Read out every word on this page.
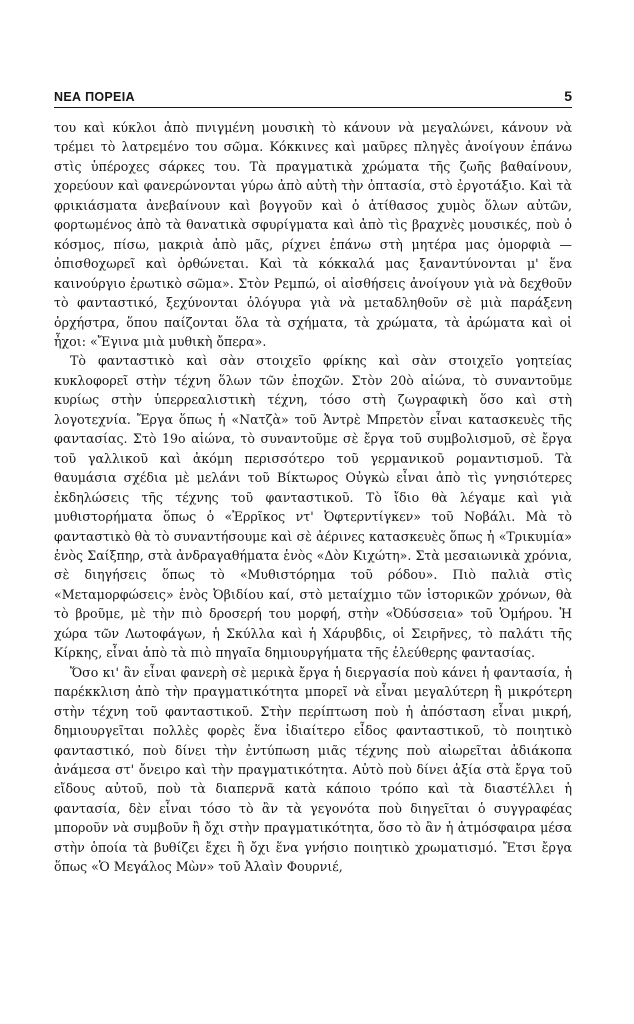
ΝΕΑ ΠΟΡΕΙΑ	5

του καὶ κύκλοι ἀπὸ πνιγμένη μουσικὴ τὸ κάνουν νὰ μεγαλώνει, κάνουν νὰ τρέμει τὸ λατρεμένο του σῶμα. Κόκκινες καὶ μαῦρες πληγὲς ἀνοίγουν ἐπάνω στὶς ὑπέροχες σάρκες του. Τὰ πραγματικὰ χρώματα τῆς ζωῆς βαθαίνουν, χορεύουν καὶ φανερώνονται γύρω ἀπὸ αὐτὴ τὴν ὀπτασία, στὸ ἐργοτάξιο. Καὶ τὰ φρικιάσματα ἀνεβαίνουν καὶ βογγοῦν καὶ ὁ ἀτίθασος χυμὸς ὅλων αὐτῶν, φορτωμένος ἀπὸ τὰ θανατικὰ σφυρίγματα καὶ ἀπὸ τὶς βραχνὲς μουσικές, ποὺ ὁ κόσμος, πίσω, μακριὰ ἀπὸ μᾶς, ρίχνει ἐπάνω στὴ μητέρα μας ὁμορφιὰ — ὀπισθοχωρεῖ καὶ ὀρθώνεται. Καὶ τὰ κόκκαλά μας ξαναντύνονται μ' ἕνα καινούργιο ἐρωτικὸ σῶμα». Στὸν Ρεμπώ, οἱ αἰσθήσεις ἀνοίγουν γιὰ νὰ δεχθοῦν τὸ φανταστικό, ξεχύνονται ὁλόγυρα γιὰ νὰ μεταδληθοῦν σὲ μιὰ παράξενη ὀρχήστρα, ὅπου παίζονται ὅλα τὰ σχήματα, τὰ χρώματα, τὰ ἀρώματα καὶ οἱ ἦχοι: «Ἔγινα μιὰ μυθικὴ ὄπερα».

Τὸ φανταστικὸ καὶ σὰν στοιχεῖο φρίκης καὶ σὰν στοιχεῖο γοητείας κυκλοφορεῖ στὴν τέχνη ὅλων τῶν ἐποχῶν. Στὸν 20ὸ αἰώνα, τὸ συναντοῦμε κυρίως στὴν ὑπερρεαλιστικὴ τέχνη, τόσο στὴ ζωγραφικὴ ὅσο καὶ στὴ λογοτεχνία. Ἔργα ὅπως ἡ «Νατζὰ» τοῦ Ἀντρὲ Μπρετὸν εἶναι κατασκευὲς τῆς φαντασίας. Στὸ 19ο αἰώνα, τὸ συναντοῦμε σὲ ἔργα τοῦ συμβολισμοῦ, σὲ ἔργα τοῦ γαλλικοῦ καὶ ἀκόμη περισσότερο τοῦ γερμανικοῦ ρομαντισμοῦ. Τὰ θαυμάσια σχέδια μὲ μελάνι τοῦ Βίκτωρος Οὐγκὼ εἶναι ἀπὸ τὶς γνησιότερες ἐκδηλώσεις τῆς τέχνης τοῦ φανταστικοῦ. Τὸ ἴδιο θὰ λέγαμε καὶ γιὰ μυθιστορήματα ὅπως ὁ «Ἐρρῖκος ντ' Ὀφτερντίγκεν» τοῦ Νοβάλι. Μὰ τὸ φανταστικὸ θὰ τὸ συναντήσουμε καὶ σὲ ἀέρινες κατασκευὲς ὅπως ἡ «Τρικυμία» ἑνὸς Σαίξπηρ, στὰ ἀνδραγαθήματα ἑνὸς «Δὸν Κιχώτη». Στὰ μεσαιωνικὰ χρόνια, σὲ διηγήσεις ὅπως τὸ «Μυθιστόρημα τοῦ ρόδου». Πιὸ παλιὰ στὶς «Μεταμορφώσεις» ἑνὸς Ὀβιδίου καί, στὸ μεταίχμιο τῶν ἱστορικῶν χρόνων, θὰ τὸ βροῦμε, μὲ τὴν πιὸ δροσερή του μορφή, στὴν «Ὀδύσσεια» τοῦ Ὁμήρου. Ἡ χώρα τῶν Λωτοφάγων, ἡ Σκύλλα καὶ ἡ Χάρυβδις, οἱ Σειρῆνες, τὸ παλάτι τῆς Κίρκης, εἶναι ἀπὸ τὰ πιὸ πηγαῖα δημιουργήματα τῆς ἐλεύθερης φαντασίας.

Ὅσο κι' ἂν εἶναι φανερὴ σὲ μερικὰ ἔργα ἡ διεργασία ποὺ κάνει ἡ φαντασία, ἡ παρέκκλιση ἀπὸ τὴν πραγματικότητα μπορεῖ νὰ εἶναι μεγαλύτερη ἢ μικρότερη στὴν τέχνη τοῦ φανταστικοῦ. Στὴν περίπτωση ποὺ ἡ ἀπόσταση εἶναι μικρή, δημιουργεῖται πολλὲς φορὲς ἕνα ἰδιαίτερο εἶδος φανταστικοῦ, τὸ ποιητικὸ φανταστικό, ποὺ δίνει τὴν ἐντύπωση μιᾶς τέχνης ποὺ αἰωρεῖται ἀδιάκοπα ἀνάμεσα στ' ὄνειρο καὶ τὴν πραγματικότητα. Αὐτὸ ποὺ δίνει ἀξία στὰ ἔργα τοῦ εἴδους αὐτοῦ, ποὺ τὰ διαπερνᾶ κατὰ κάποιο τρόπο καὶ τὰ διαστέλλει ἡ φαντασία, δὲν εἶναι τόσο τὸ ἂν τὰ γεγονότα ποὺ διηγεῖται ὁ συγγραφέας μποροῦν νὰ συμβοῦν ἢ ὄχι στὴν πραγματικότητα, ὅσο τὸ ἂν ἡ ἀτμόσφαιρα μέσα στὴν ὁποία τὰ βυθίζει ἔχει ἢ ὄχι ἕνα γνήσιο ποιητικὸ χρωματισμό. Ἔτσι ἔργα ὅπως «Ὁ Μεγάλος Μὼν» τοῦ Ἀλαὶν Φουρνιέ,
